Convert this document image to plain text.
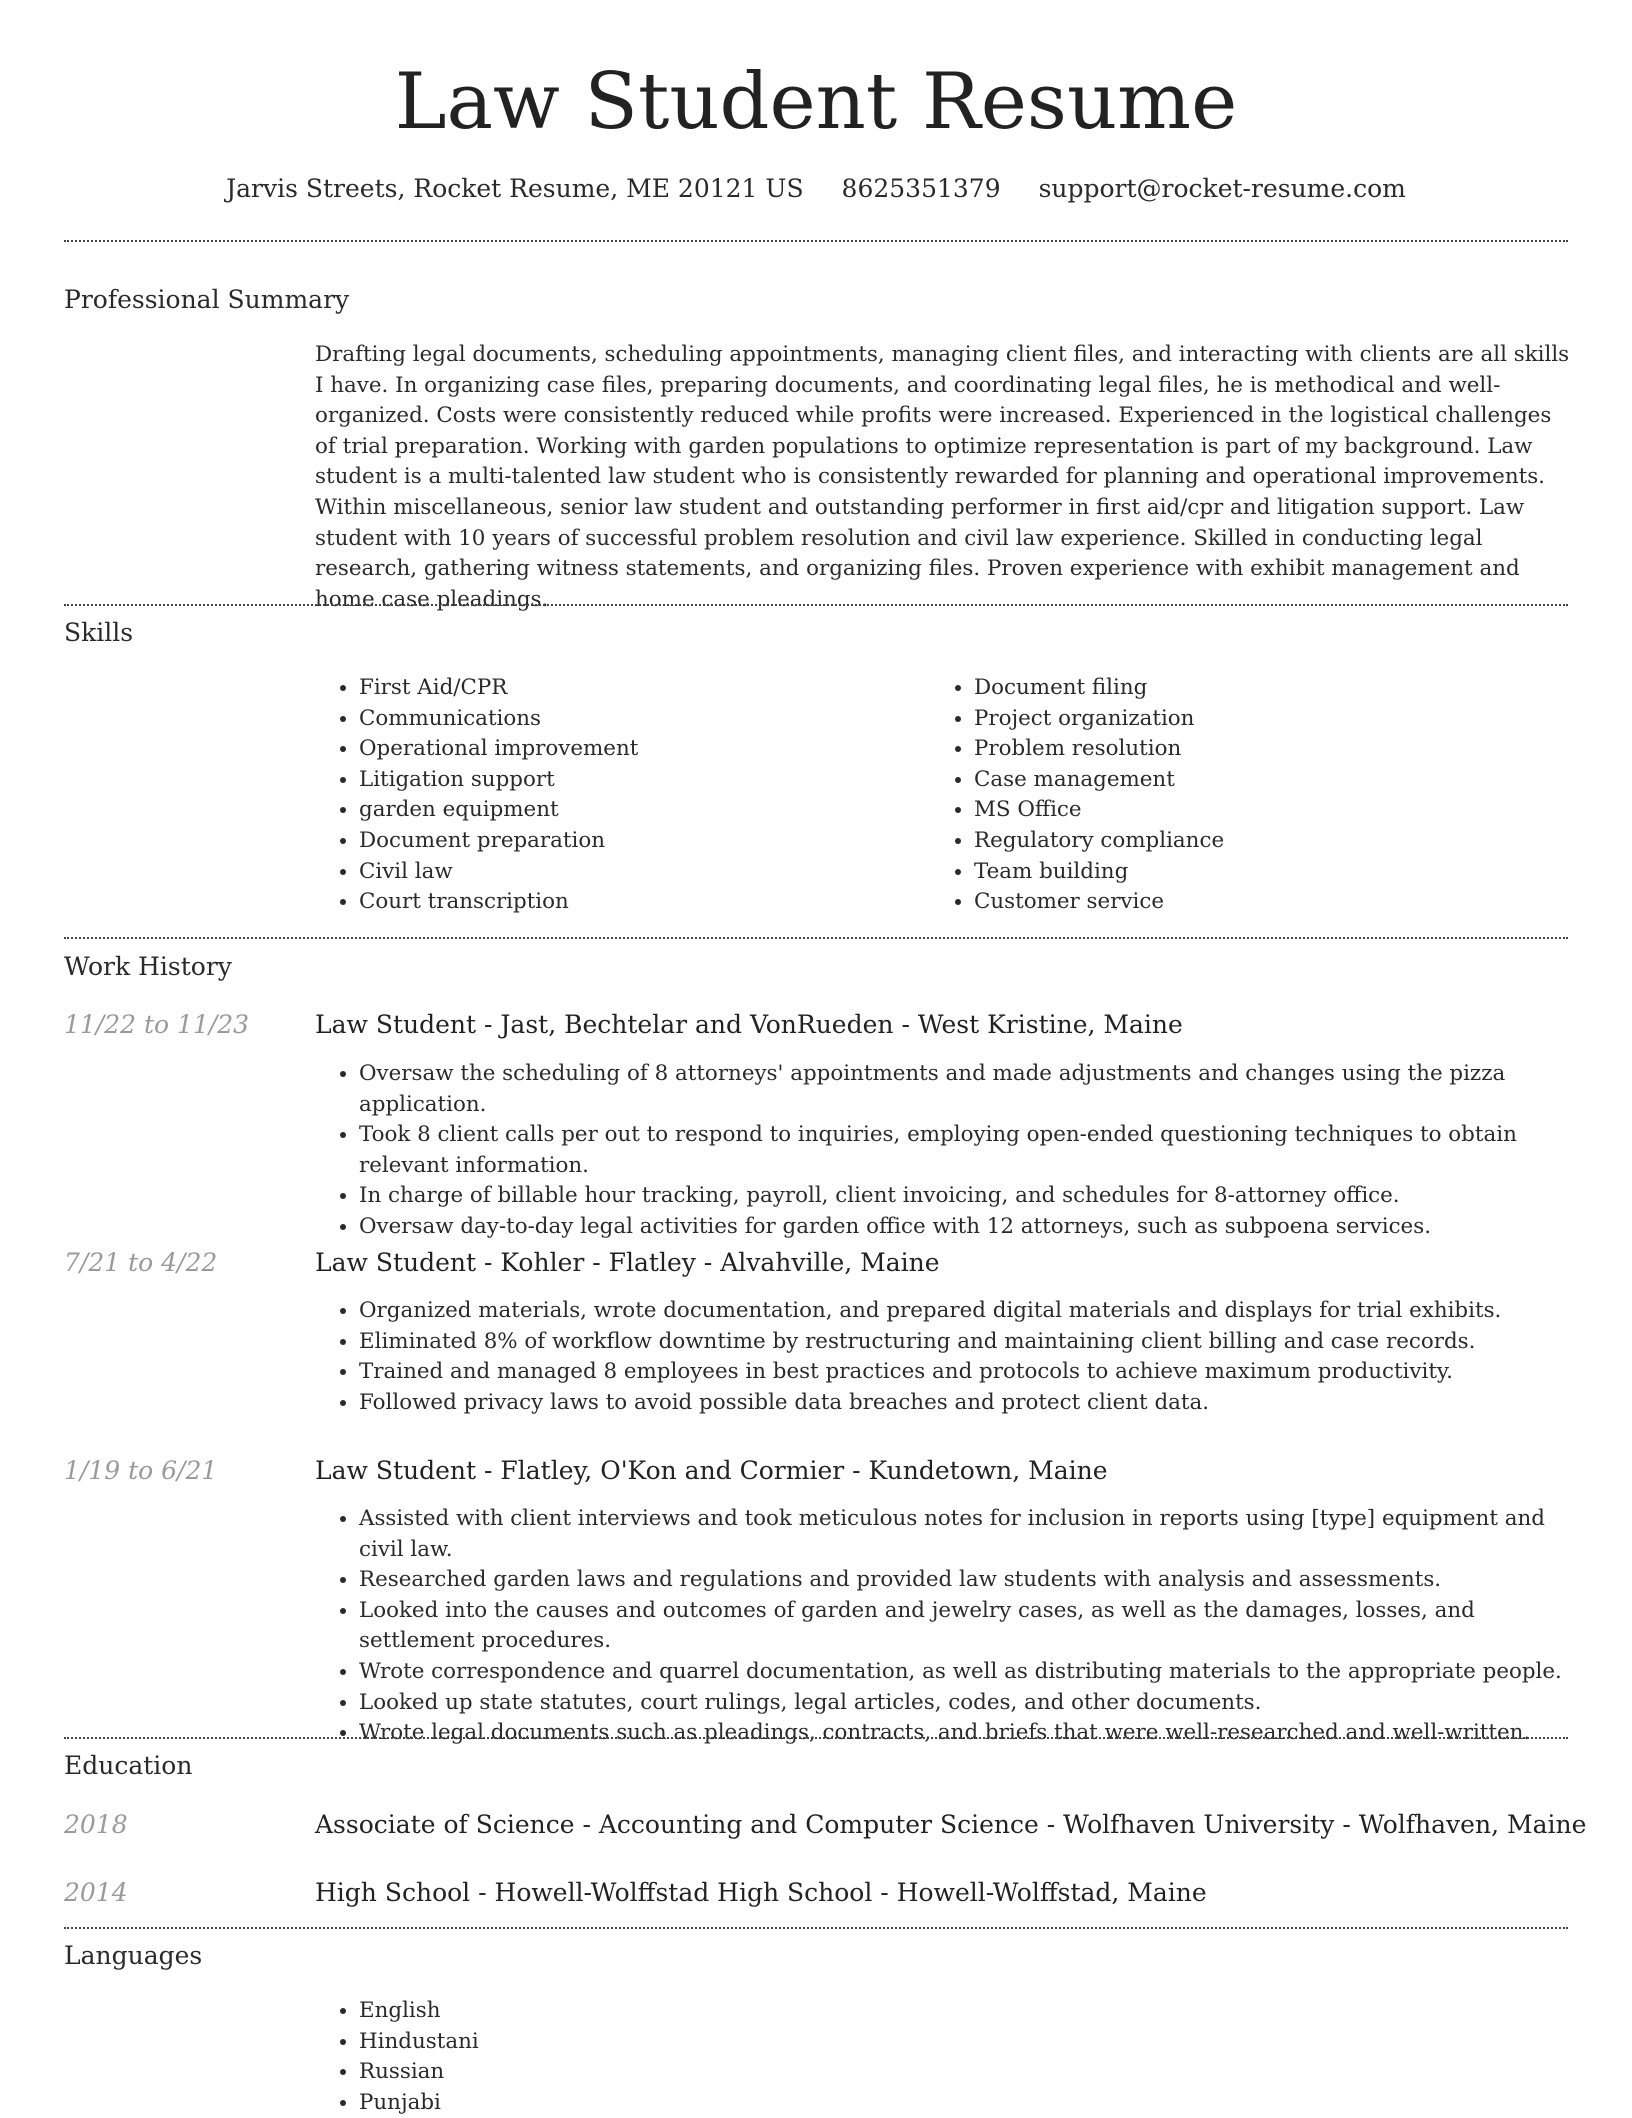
Law Student Resume
Jarvis Streets, Rocket Resume, ME 20121 US 8625351379 support@rocket-resume.com
Professional Summary

Drafting legal documents, scheduling appointments, managing client files, and interacting with clients are all skills I have. In organizing case files, preparing documents, and coordinating legal files, he is methodical and well-organized. Costs were consistently reduced while profits were increased. Experienced in the logistical challenges of trial preparation. Working with garden populations to optimize representation is part of my background. Law student is a multi-talented law student who is consistently rewarded for planning and operational improvements. Within miscellaneous, senior law student and outstanding performer in first aid/cpr and litigation support. Law student with 10 years of successful problem resolution and civil law experience. Skilled in conducting legal research, gathering witness statements, and organizing files. Proven experience with exhibit management and home case pleadings.

Skills
• First Aid/CPR
• Communications
• Operational improvement
• Litigation support
• garden equipment
• Document preparation
• Civil law
• Court transcription
• Document filing
• Project organization
• Problem resolution
• Case management
• MS Office
• Regulatory compliance
• Team building
• Customer service
Work History
11/22 to 11/23	Law Student - Jast, Bechtelar and VonRueden - West Kristine, Maine
• Oversaw the scheduling of 8 attorneys' appointments and made adjustments and changes using the pizza application.
• Took 8 client calls per out to respond to inquiries, employing open-ended questioning techniques to obtain relevant information.
• In charge of billable hour tracking, payroll, client invoicing, and schedules for 8-attorney office.
• Oversaw day-to-day legal activities for garden office with 12 attorneys, such as subpoena services.
7/21 to 4/22	Law Student - Kohler - Flatley - Alvahville, Maine
• Organized materials, wrote documentation, and prepared digital materials and displays for trial exhibits.
• Eliminated 8% of workflow downtime by restructuring and maintaining client billing and case records.
• Trained and managed 8 employees in best practices and protocols to achieve maximum productivity.
• Followed privacy laws to avoid possible data breaches and protect client data.
1/19 to 6/21	Law Student - Flatley, O'Kon and Cormier - Kundetown, Maine
• Assisted with client interviews and took meticulous notes for inclusion in reports using [type] equipment and civil law.
• Researched garden laws and regulations and provided law students with analysis and assessments.
• Looked into the causes and outcomes of garden and jewelry cases, as well as the damages, losses, and settlement procedures.
• Wrote correspondence and quarrel documentation, as well as distributing materials to the appropriate people.
• Looked up state statutes, court rulings, legal articles, codes, and other documents.
• Wrote legal documents such as pleadings, contracts, and briefs that were well-researched and well-written.
Education
2018	Associate of Science - Accounting and Computer Science - Wolfhaven University - Wolfhaven, Maine
2014	High School - Howell-Wolffstad High School - Howell-Wolffstad, Maine
Languages
• English
• Hindustani
• Russian
• Punjabi
